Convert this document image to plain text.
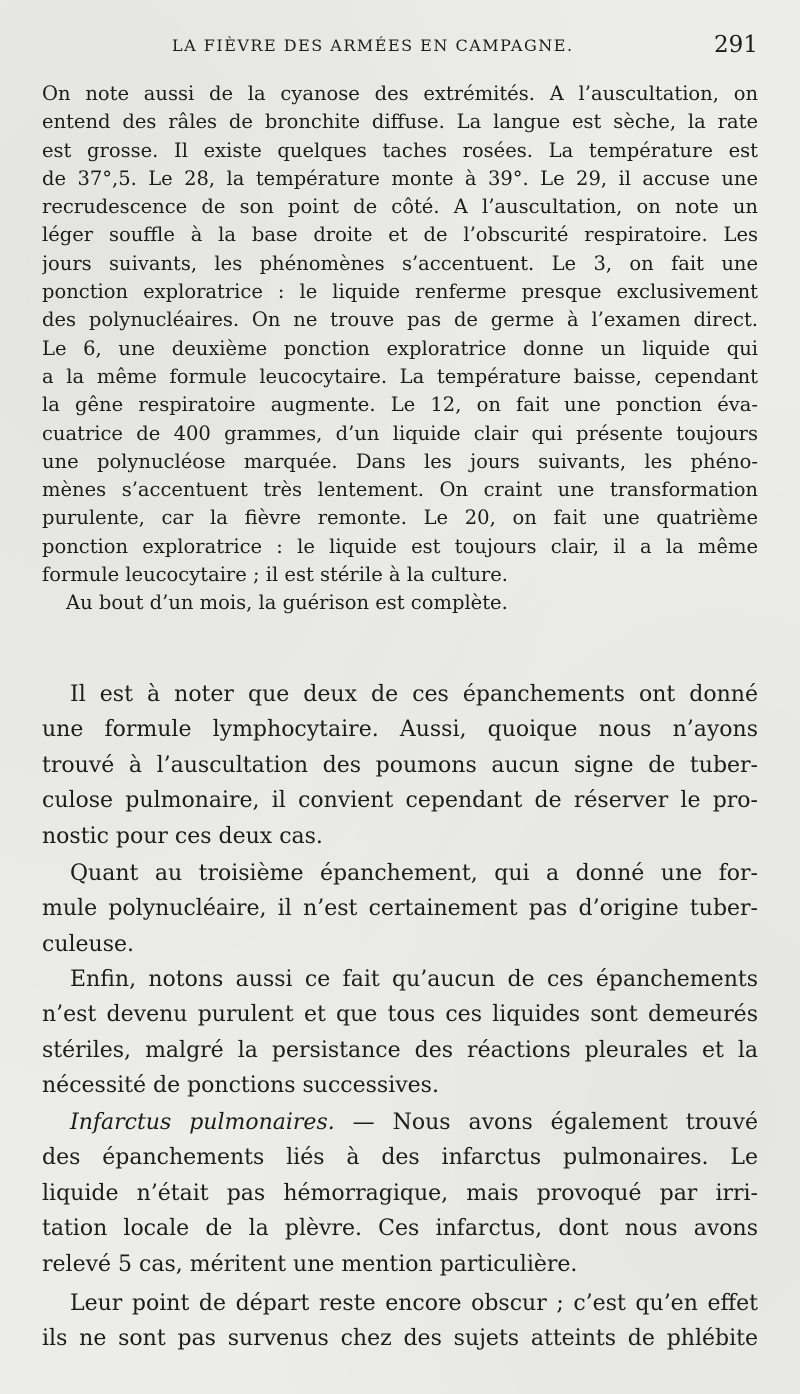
LA FIÈVRE DES ARMÉES EN CAMPAGNE.	291
On note aussi de la cyanose des extrémités. A l’auscultation, on
entend des râles de bronchite diffuse. La langue est sèche, la rate
est grosse. Il existe quelques taches rosées. La température est
de 37°,5. Le 28, la température monte à 39°. Le 29, il accuse une
recrudescence de son point de côté. A l’auscultation, on note un
léger souffle à la base droite et de l’obscurité respiratoire. Les
jours suivants, les phénomènes s’accentuent. Le 3, on fait une
ponction exploratrice : le liquide renferme presque exclusivement
des polynucléaires. On ne trouve pas de germe à l’examen direct.
Le 6, une deuxième ponction exploratrice donne un liquide qui
a la même formule leucocytaire. La température baisse, cependant
la gêne respiratoire augmente. Le 12, on fait une ponction éva-
cuatrice de 400 grammes, d’un liquide clair qui présente toujours
une polynucléose marquée. Dans les jours suivants, les phéno-
mènes s’accentuent très lentement. On craint une transformation
purulente, car la fièvre remonte. Le 20, on fait une quatrième
ponction exploratrice : le liquide est toujours clair, il a la même
formule leucocytaire ; il est stérile à la culture.
Au bout d’un mois, la guérison est complète.
Il est à noter que deux de ces épanchements ont donné
une formule lymphocytaire. Aussi, quoique nous n’ayons
trouvé à l’auscultation des poumons aucun signe de tuber-
culose pulmonaire, il convient cependant de réserver le pro-
nostic pour ces deux cas.
Quant au troisième épanchement, qui a donné une for-
mule polynucléaire, il n’est certainement pas d’origine tuber-
culeuse.
Enfin, notons aussi ce fait qu’aucun de ces épanchements
n’est devenu purulent et que tous ces liquides sont demeurés
stériles, malgré la persistance des réactions pleurales et la
nécessité de ponctions successives.
Infarctus pulmonaires. — Nous avons également trouvé
des épanchements liés à des infarctus pulmonaires. Le
liquide n’était pas hémorragique, mais provoqué par irri-
tation locale de la plèvre. Ces infarctus, dont nous avons
relevé 5 cas, méritent une mention particulière.
Leur point de départ reste encore obscur ; c’est qu’en effet
ils ne sont pas survenus chez des sujets atteints de phlébite
